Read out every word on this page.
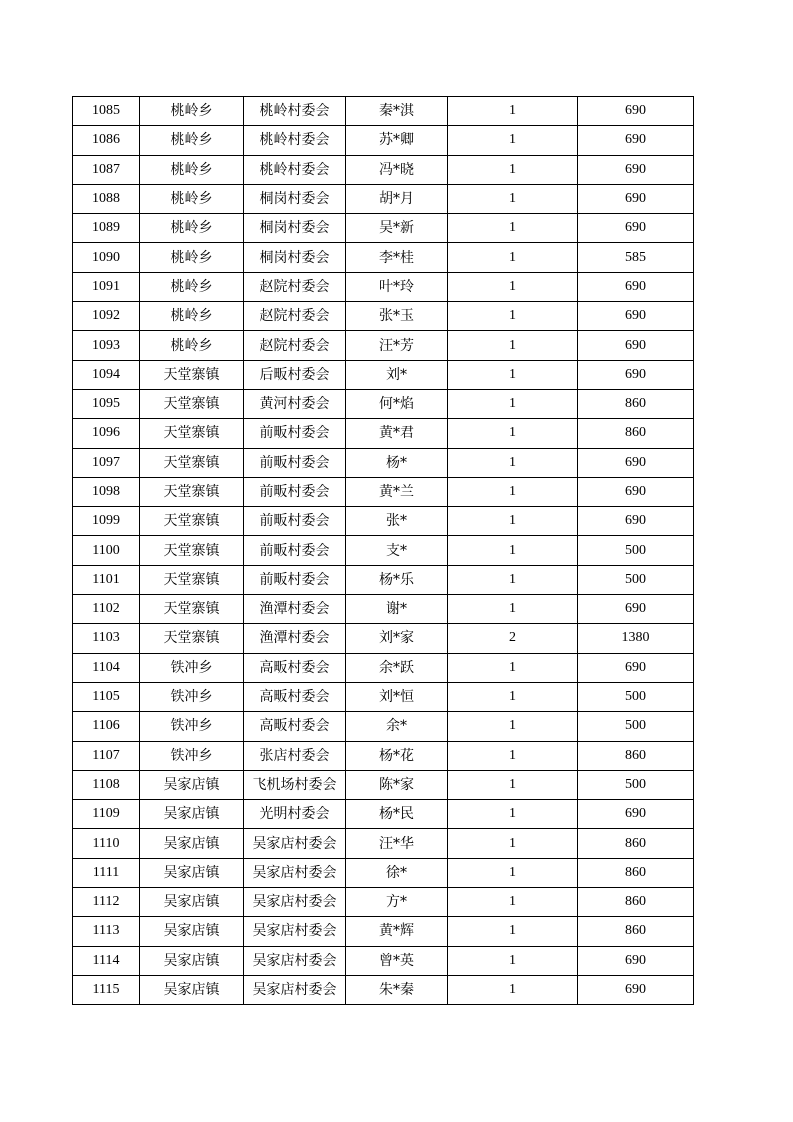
1085	桃岭乡	桃岭村委会	秦*淇	1	690
1086	桃岭乡	桃岭村委会	苏*卿	1	690
1087	桃岭乡	桃岭村委会	冯*晓	1	690
1088	桃岭乡	桐岗村委会	胡*月	1	690
1089	桃岭乡	桐岗村委会	吴*新	1	690
1090	桃岭乡	桐岗村委会	李*桂	1	585
1091	桃岭乡	赵院村委会	叶*玲	1	690
1092	桃岭乡	赵院村委会	张*玉	1	690
1093	桃岭乡	赵院村委会	汪*芳	1	690
1094	天堂寨镇	后畈村委会	刘*	1	690
1095	天堂寨镇	黄河村委会	何*焰	1	860
1096	天堂寨镇	前畈村委会	黄*君	1	860
1097	天堂寨镇	前畈村委会	杨*	1	690
1098	天堂寨镇	前畈村委会	黄*兰	1	690
1099	天堂寨镇	前畈村委会	张*	1	690
1100	天堂寨镇	前畈村委会	支*	1	500
1101	天堂寨镇	前畈村委会	杨*乐	1	500
1102	天堂寨镇	渔潭村委会	谢*	1	690
1103	天堂寨镇	渔潭村委会	刘*家	2	1380
1104	铁冲乡	高畈村委会	余*跃	1	690
1105	铁冲乡	高畈村委会	刘*恒	1	500
1106	铁冲乡	高畈村委会	余*	1	500
1107	铁冲乡	张店村委会	杨*花	1	860
1108	吴家店镇	飞机场村委会	陈*家	1	500
1109	吴家店镇	光明村委会	杨*民	1	690
1110	吴家店镇	吴家店村委会	汪*华	1	860
1111	吴家店镇	吴家店村委会	徐*	1	860
1112	吴家店镇	吴家店村委会	方*	1	860
1113	吴家店镇	吴家店村委会	黄*辉	1	860
1114	吴家店镇	吴家店村委会	曾*英	1	690
1115	吴家店镇	吴家店村委会	朱*秦	1	690
